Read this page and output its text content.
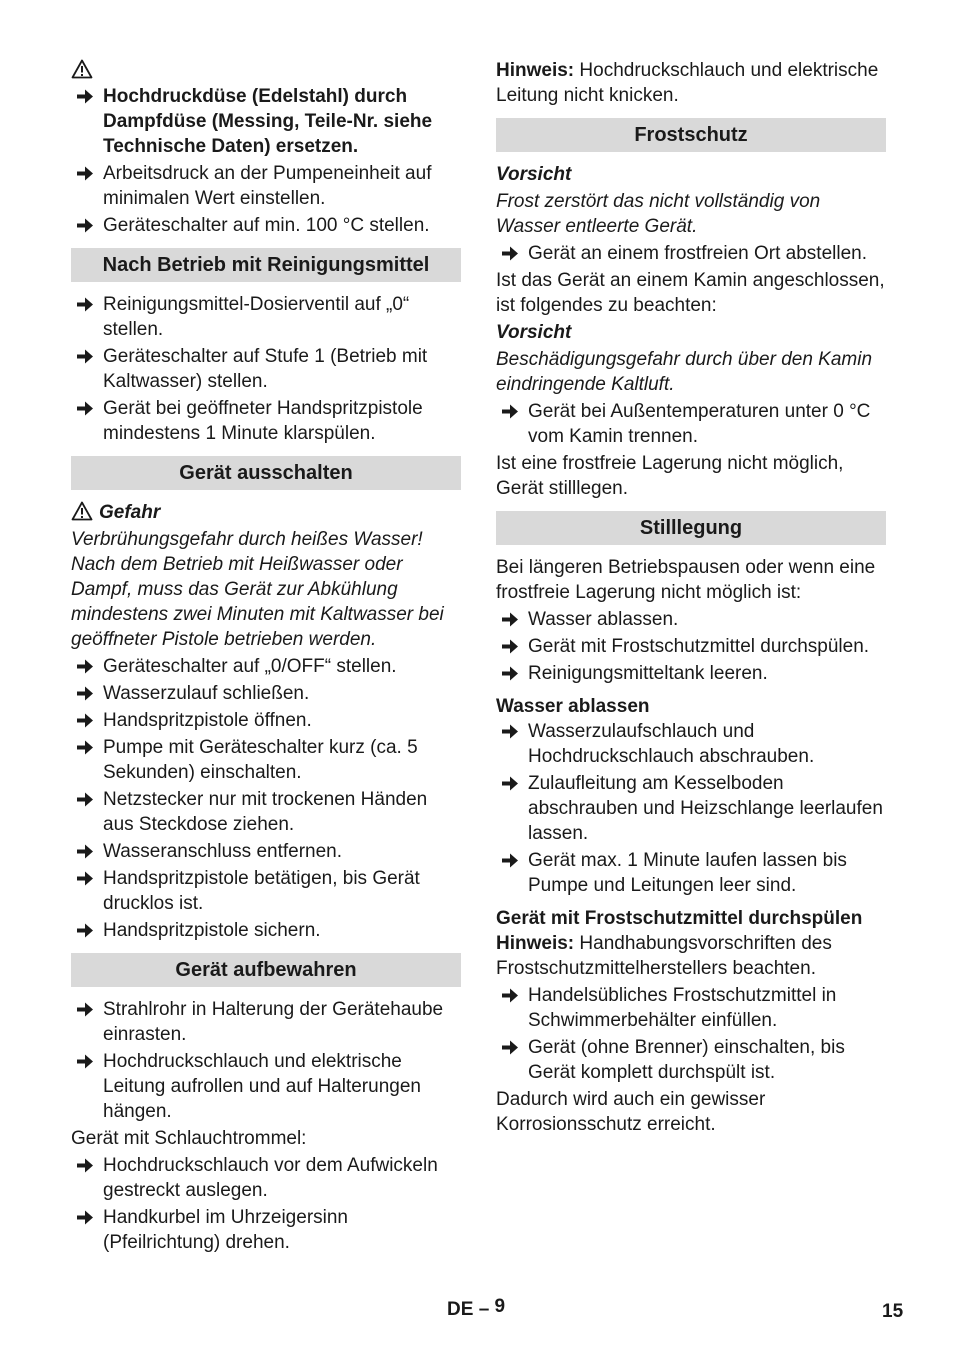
Hochdruckdüse (Edelstahl) durch Dampfdüse (Messing, Teile-Nr. siehe Technische Daten) ersetzen.
Arbeitsdruck an der Pumpeneinheit auf minimalen Wert einstellen.
Geräteschalter auf min. 100 °C stellen.
Nach Betrieb mit Reinigungsmittel
Reinigungsmittel-Dosierventil auf „0“ stellen.
Geräteschalter auf Stufe 1 (Betrieb mit Kaltwasser) stellen.
Gerät bei geöffneter Handspritzpistole mindestens 1 Minute klarspülen.
Gerät ausschalten
Gefahr
Verbrühungsgefahr durch heißes Wasser! Nach dem Betrieb mit Heißwasser oder Dampf, muss das Gerät zur Abkühlung mindestens zwei Minuten mit Kaltwasser bei geöffneter Pistole betrieben werden.
Geräteschalter auf „0/OFF“ stellen.
Wasserzulauf schließen.
Handspritzpistole öffnen.
Pumpe mit Geräteschalter kurz (ca. 5 Sekunden) einschalten.
Netzstecker nur mit trockenen Händen aus Steckdose ziehen.
Wasseranschluss entfernen.
Handspritzpistole betätigen, bis Gerät drucklos ist.
Handspritzpistole sichern.
Gerät aufbewahren
Strahlrohr in Halterung der Gerätehaube einrasten.
Hochdruckschlauch und elektrische Leitung aufrollen und auf Halterungen hängen.
Gerät mit Schlauchtrommel:
Hochdruckschlauch vor dem Aufwickeln gestreckt auslegen.
Handkurbel im Uhrzeigersinn (Pfeilrichtung) drehen.
Hinweis: Hochdruckschlauch und elektrische Leitung nicht knicken.
Frostschutz
Vorsicht
Frost zerstört das nicht vollständig von Wasser entleerte Gerät.
Gerät an einem frostfreien Ort abstellen.
Ist das Gerät an einem Kamin angeschlossen, ist folgendes zu beachten:
Vorsicht
Beschädigungsgefahr durch über den Kamin eindringende Kaltluft.
Gerät bei Außentemperaturen unter 0 °C vom Kamin trennen.
Ist eine frostfreie Lagerung nicht möglich, Gerät stilllegen.
Stilllegung
Bei längeren Betriebspausen oder wenn eine frostfreie Lagerung nicht möglich ist:
Wasser ablassen.
Gerät mit Frostschutzmittel durchspülen.
Reinigungsmitteltank leeren.
Wasser ablassen
Wasserzulaufschlauch und Hochdruckschlauch abschrauben.
Zulaufleitung am Kesselboden abschrauben und Heizschlange leerlaufen lassen.
Gerät max. 1 Minute laufen lassen bis Pumpe und Leitungen leer sind.
Gerät mit Frostschutzmittel durchspülen
Hinweis: Handhabungsvorschriften des Frostschutzmittelherstellers beachten.
Handelsübliches Frostschutzmittel in Schwimmerbehälter einfüllen.
Gerät (ohne Brenner) einschalten, bis Gerät komplett durchspült ist.
Dadurch wird auch ein gewisser Korrosionsschutz erreicht.
DE – 9	15
